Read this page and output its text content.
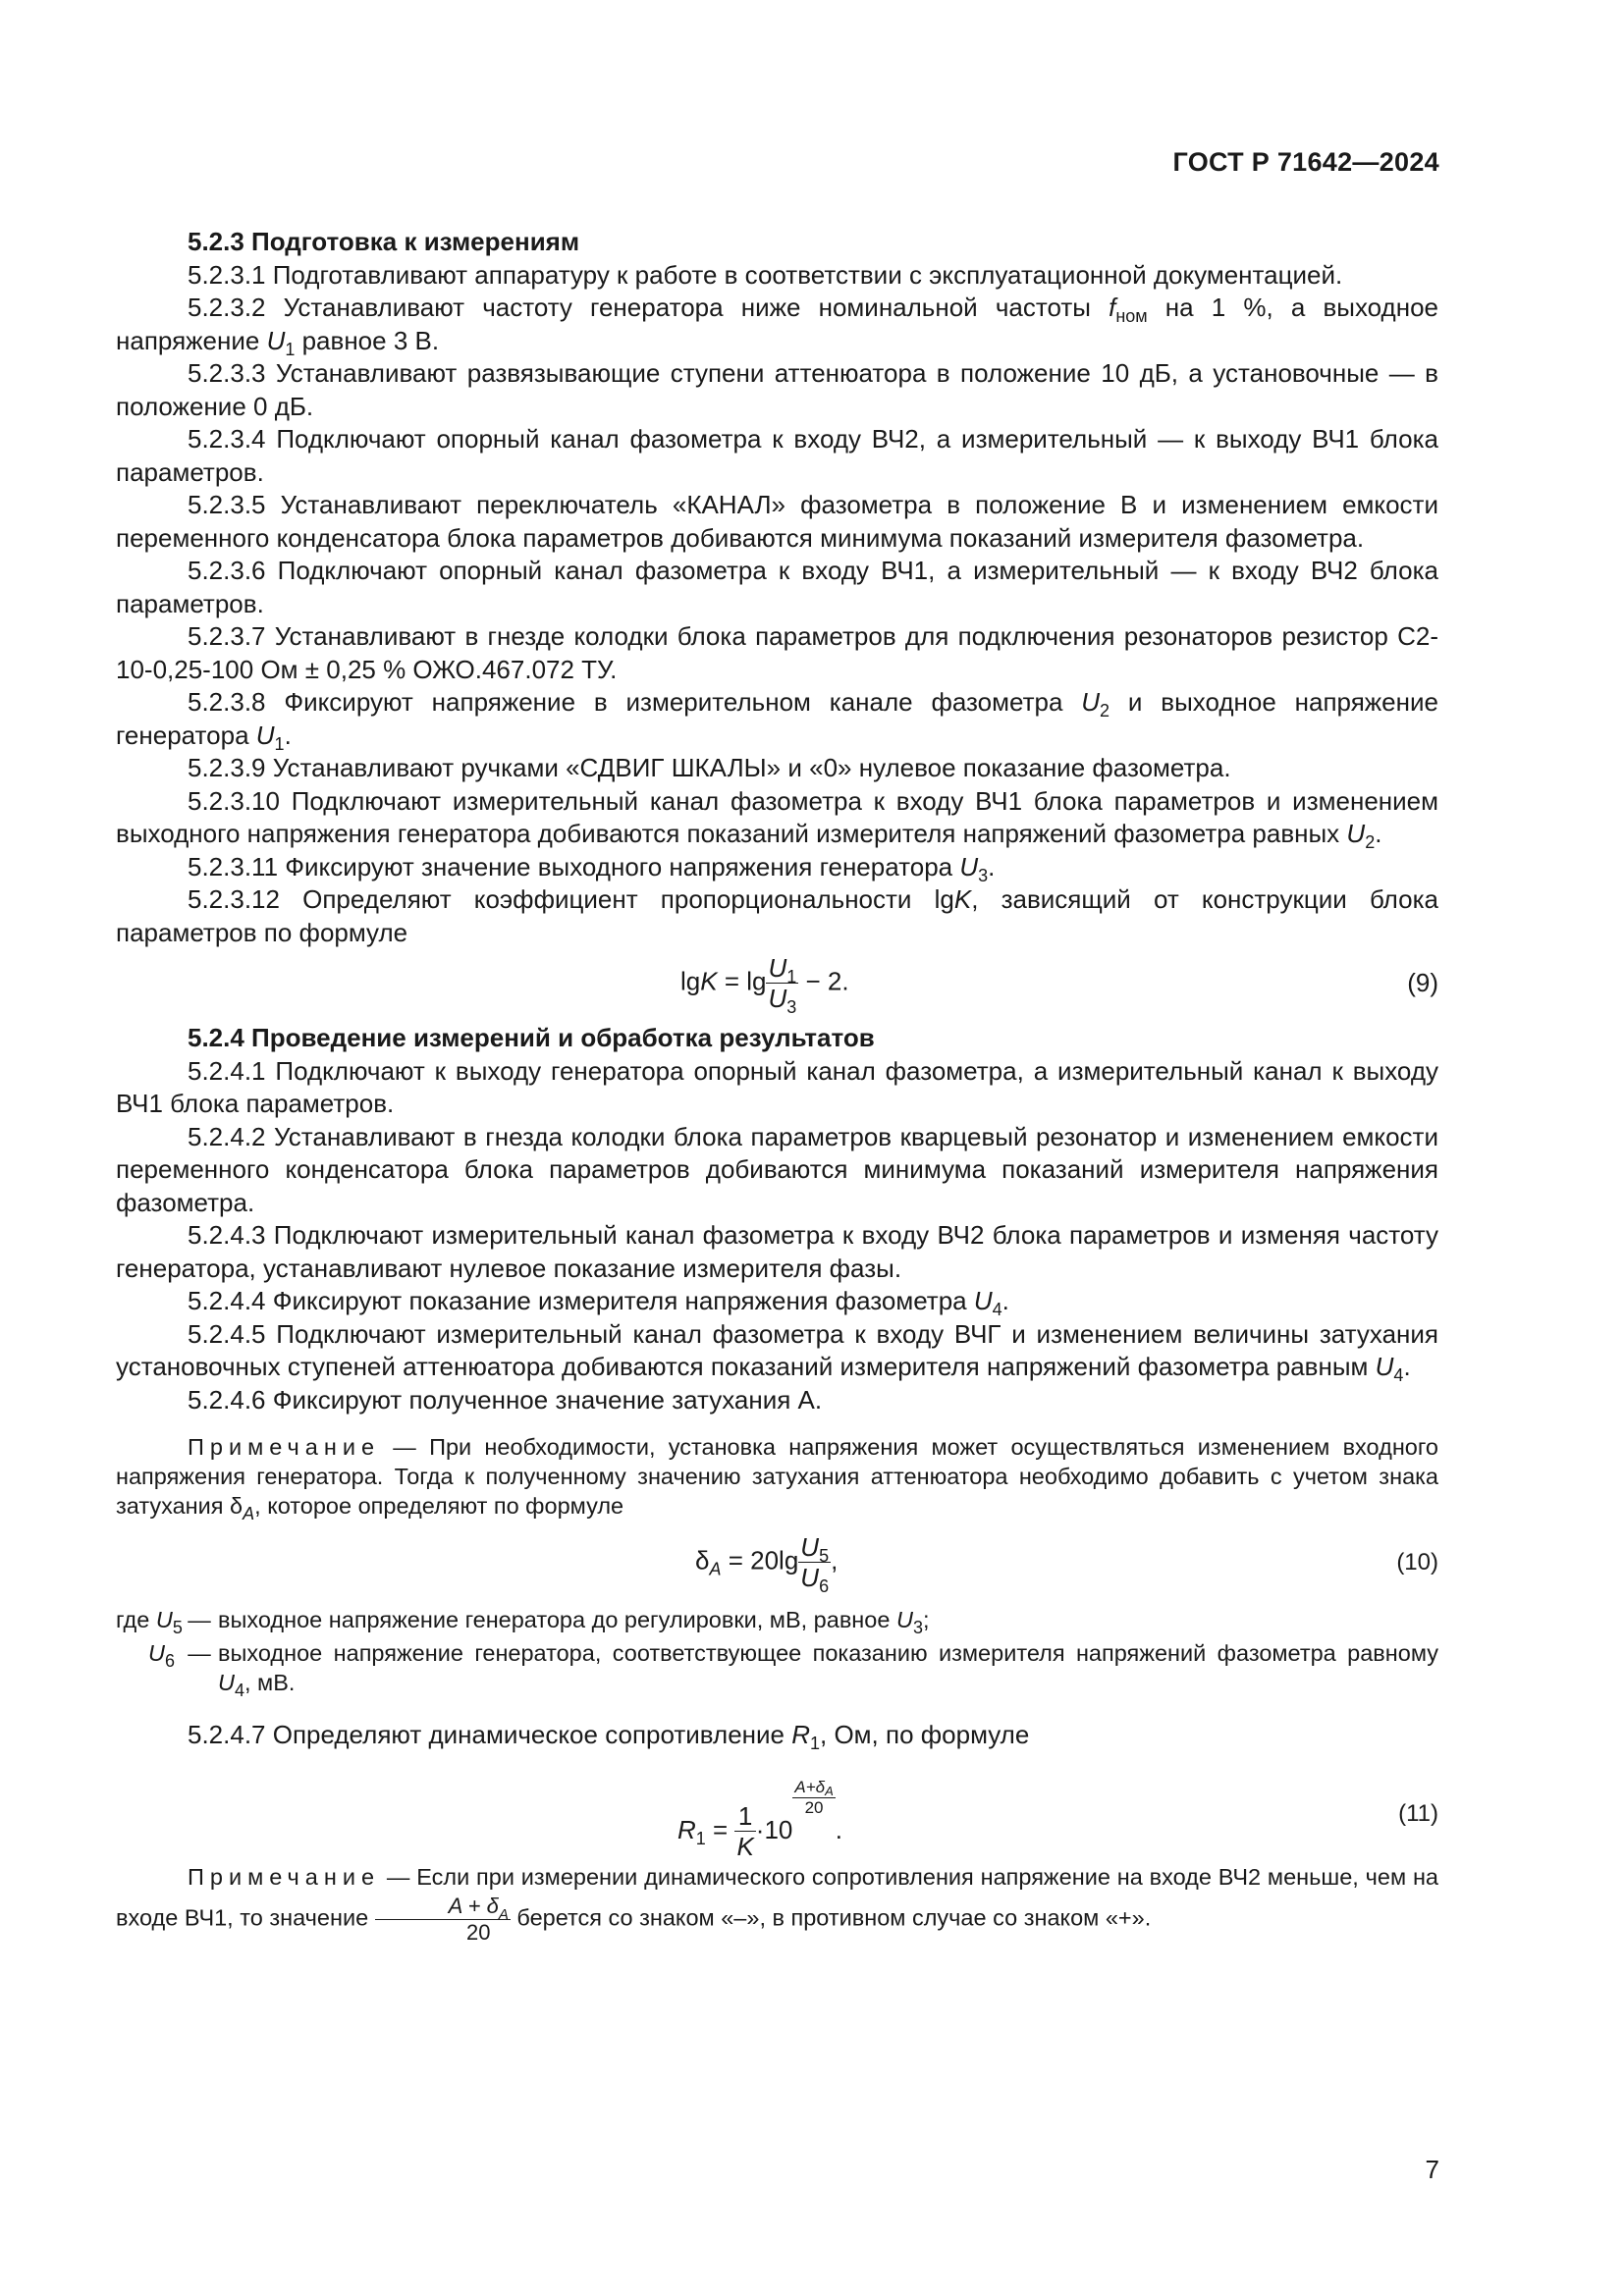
ГОСТ Р 71642—2024

5.2.3 Подготовка к измерениям

5.2.3.1 Подготавливают аппаратуру к работе в соответствии с эксплуатационной документацией.

5.2.3.2 Устанавливают частоту генератора ниже номинальной частоты $f_{ном}$ на 1 %, а выходное напряжение $U_1$ равное 3 В.

5.2.3.3 Устанавливают развязывающие ступени аттенюатора в положение 10 дБ, а установочные — в положение 0 дБ.

5.2.3.4 Подключают опорный канал фазометра к входу ВЧ2, а измерительный — к выходу ВЧ1 блока параметров.

5.2.3.5 Устанавливают переключатель «КАНАЛ» фазометра в положение В и изменением емкости переменного конденсатора блока параметров добиваются минимума показаний измерителя фазометра.

5.2.3.6 Подключают опорный канал фазометра к входу ВЧ1, а измерительный — к входу ВЧ2 блока параметров.

5.2.3.7 Устанавливают в гнезде колодки блока параметров для подключения резонаторов резистор С2-10-0,25-100 Ом ± 0,25 % ОЖО.467.072 ТУ.

5.2.3.8 Фиксируют напряжение в измерительном канале фазометра $U_2$ и выходное напряжение генератора $U_1$.

5.2.3.9 Устанавливают ручками «СДВИГ ШКАЛЫ» и «0» нулевое показание фазометра.

5.2.3.10 Подключают измерительный канал фазометра к входу ВЧ1 блока параметров и изменением выходного напряжения генератора добиваются показаний измерителя напряжений фазометра равных $U_2$.

5.2.3.11 Фиксируют значение выходного напряжения генератора $U_3$.

5.2.3.12 Определяют коэффициент пропорциональности lgK, зависящий от конструкции блока параметров по формуле

$\lg K = \lg \frac{U_1}{U_3} - 2$.	(9)

5.2.4 Проведение измерений и обработка результатов

5.2.4.1 Подключают к выходу генератора опорный канал фазометра, а измерительный канал к выходу ВЧ1 блока параметров.

5.2.4.2 Устанавливают в гнезда колодки блока параметров кварцевый резонатор и изменением емкости переменного конденсатора блока параметров добиваются минимума показаний измерителя напряжения фазометра.

5.2.4.3 Подключают измерительный канал фазометра к входу ВЧ2 блока параметров и изменяя частоту генератора, устанавливают нулевое показание измерителя фазы.

5.2.4.4 Фиксируют показание измерителя напряжения фазометра $U_4$.

5.2.4.5 Подключают измерительный канал фазометра к входу ВЧГ и изменением величины затухания установочных ступеней аттенюатора добиваются показаний измерителя напряжений фазометра равным $U_4$.

5.2.4.6 Фиксируют полученное значение затухания А.

Примечание — При необходимости, установка напряжения может осуществляться изменением входного напряжения генератора. Тогда к полученному значению затухания аттенюатора необходимо добавить с учетом знака затухания $\delta_A$, которое определяют по формуле

$\delta_A = 20\lg \frac{U_5}{U_6}$ ,	(10)
где $U_5$ — выходное напряжение генератора до регулировки, мВ, равное $U_3$;
$U_6$ — выходное напряжение генератора, соответствующее показанию измерителя напряжений фазометра равному $U_4$, мВ.

5.2.4.7 Определяют динамическое сопротивление $R_1$, Ом, по формуле

$R_1 = \frac{1}{K} \cdot 10$
$\frac{A+\delta_A}{20}$
.
(11)

Примечание — Если при измерении динамического сопротивления напряжение на входе ВЧ2 меньше, чем на входе ВЧ1, то значение $\frac{A + \delta_A}{20}$ берется со знаком «–», в противном случае со знаком «+».

7
